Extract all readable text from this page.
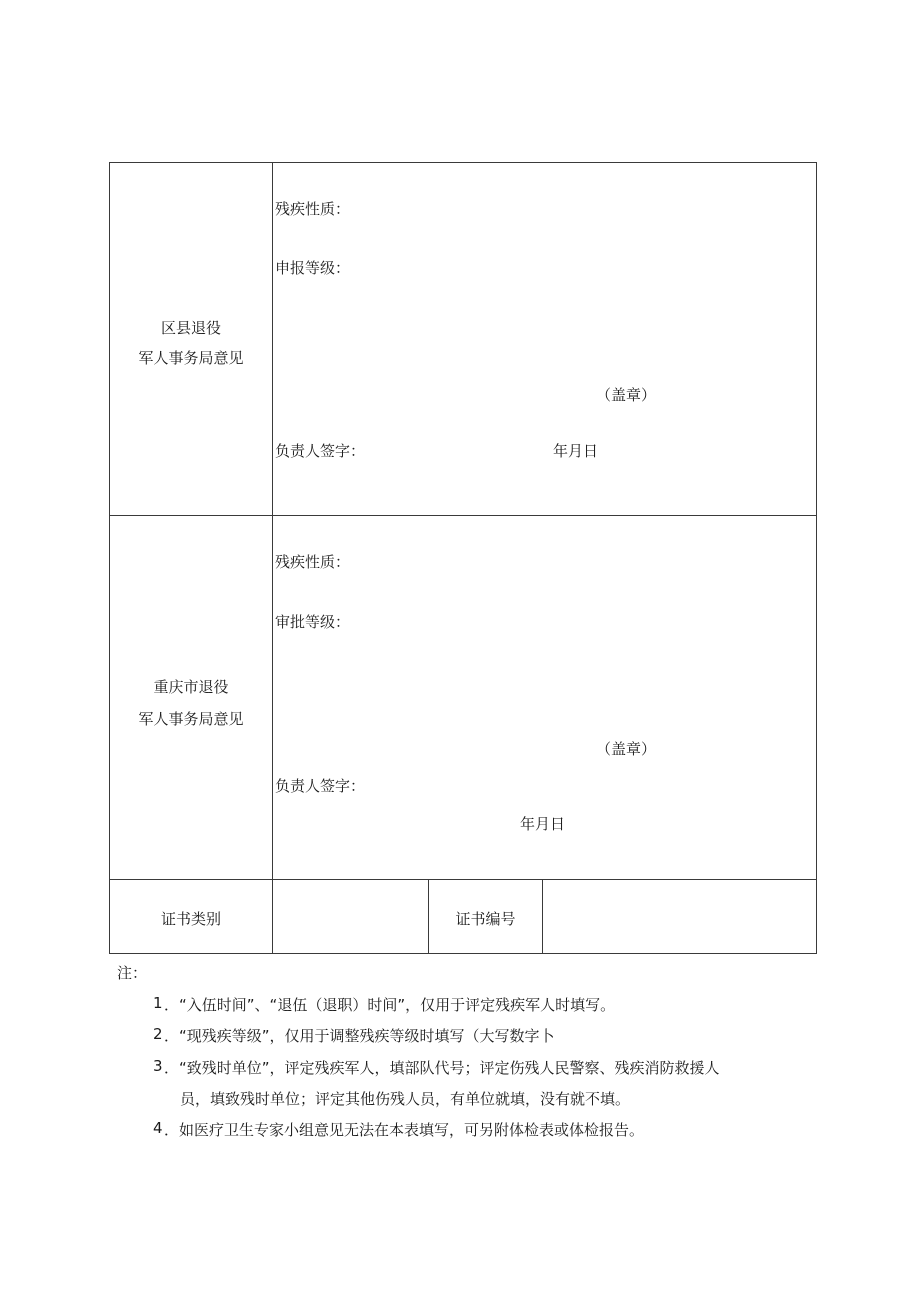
区县退役
军人事务局意见
残疾性质：
申报等级：
（盖章）
负责人签字：	年月日
重庆市退役
军人事务局意见
残疾性质：
审批等级：
（盖章）
负责人签字：
年月日
证书类别	证书编号
注：
1 ．“入伍时间”、“退伍（退职）时间”，仅用于评定残疾军人时填写。
2 ．“现残疾等级”，仅用于调整残疾等级时填写（大写数字卜
3 ．“致残时单位”，评定残疾军人，填部队代号；评定伤残人民警察、残疾消防救援人
员，填致残时单位；评定其他伤残人员，有单位就填，没有就不填。
4 ．如医疗卫生专家小组意见无法在本表填写，可另附体检表或体检报告。
